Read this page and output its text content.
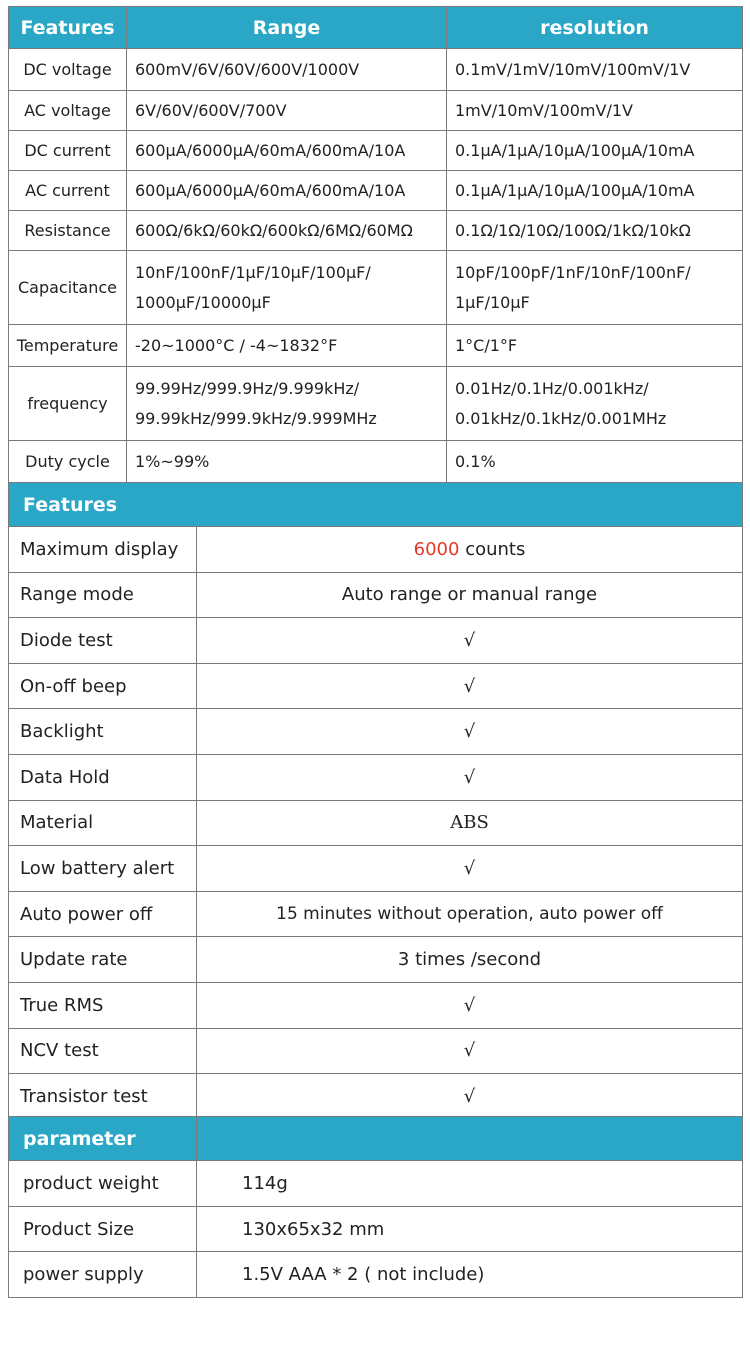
Features	Range	resolution
DC voltage	600mV/6V/60V/600V/1000V	0.1mV/1mV/10mV/100mV/1V
AC voltage	6V/60V/600V/700V	1mV/10mV/100mV/1V
DC current	600μA/6000μA/60mA/600mA/10A	0.1μA/1μA/10μA/100μA/10mA
AC current	600μA/6000μA/60mA/600mA/10A	0.1μA/1μA/10μA/100μA/10mA
Resistance	600Ω/6kΩ/60kΩ/600kΩ/6MΩ/60MΩ	0.1Ω/1Ω/10Ω/100Ω/1kΩ/10kΩ
Capacitance	10nF/100nF/1μF/10μF/100μF/ 1000μF/10000μF	10pF/100pF/1nF/10nF/100nF/ 1μF/10μF
Temperature	-20~1000°C / -4~1832°F	1°C/1°F
frequency	99.99Hz/999.9Hz/9.999kHz/ 99.99kHz/999.9kHz/9.999MHz	0.01Hz/0.1Hz/0.001kHz/ 0.01kHz/0.1kHz/0.001MHz
Duty cycle	1%~99%	0.1%
Features	
Maximum display	6000 counts
Range mode	Auto range or manual range
Diode test	√
On-off beep	√
Backlight	√
Data Hold	√
Material	ABS
Low battery alert	√
Auto power off	15 minutes without operation, auto power off
Update rate	3 times /second
True RMS	√
NCV test	√
Transistor test	√
parameter	
product weight	114g
Product Size	130x65x32 mm
power supply	1.5V AAA * 2 ( not include)
